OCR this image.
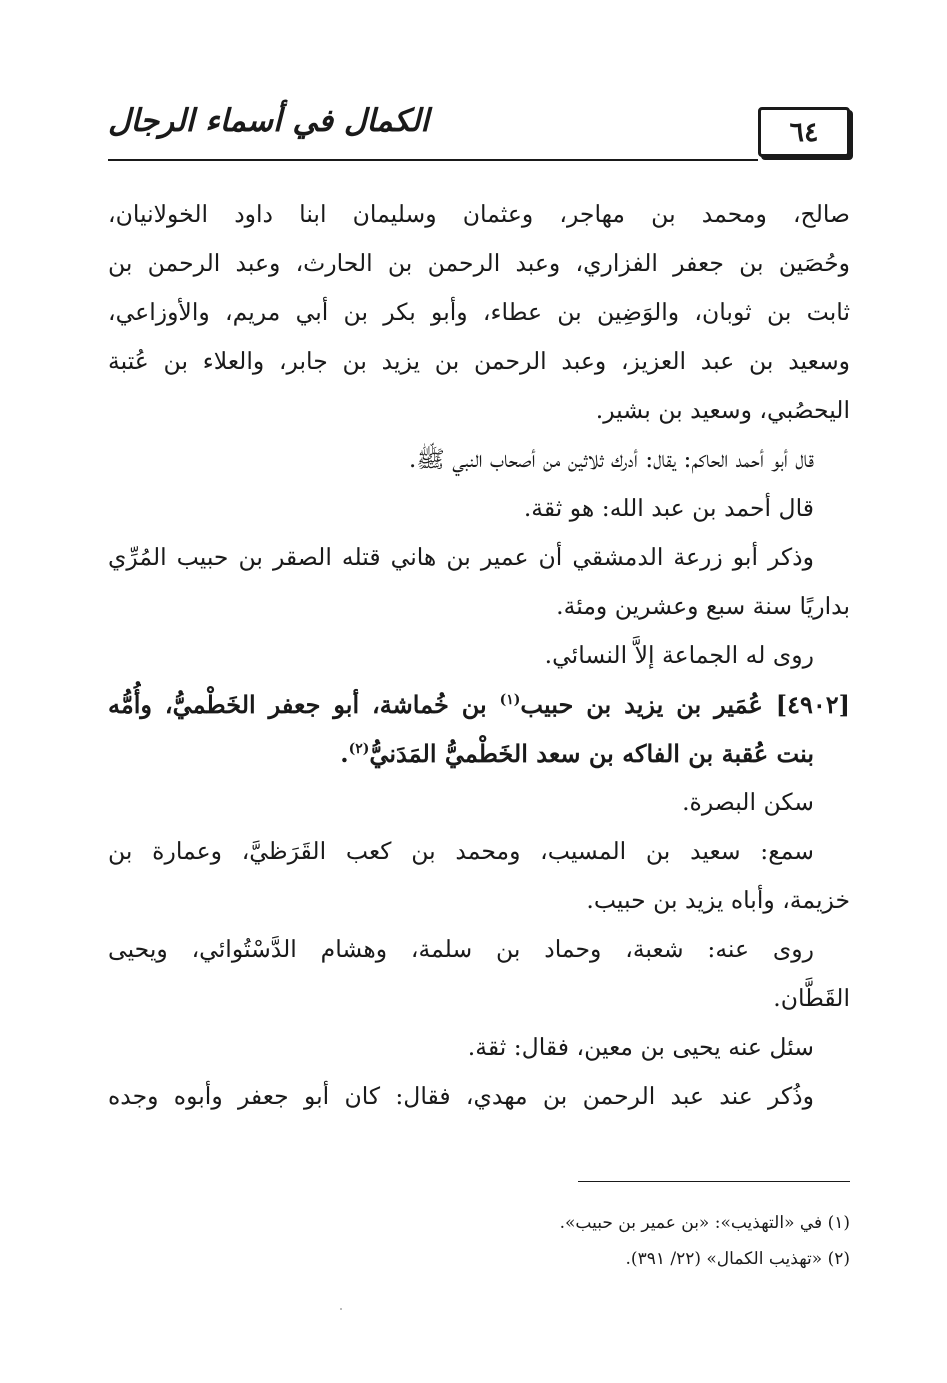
٦٤
الكمال في أسماء الرجال
صالح، ومحمد بن مهاجر، وعثمان وسليمان ابنا داود الخولانيان،
وحُصَين بن جعفر الفزاري، وعبد الرحمن بن الحارث، وعبد الرحمن بن
ثابت بن ثوبان، والوَضِين بن عطاء، وأبو بكر بن أبي مريم، والأوزاعي،
وسعيد بن عبد العزيز، وعبد الرحمن بن يزيد بن جابر، والعلاء بن عُتبة
اليحصُبي، وسعيد بن بشير.
قال أبو أحمد الحاكم: يقال: أدرك ثلاثين من أصحاب النبي ﷺ.
قال أحمد بن عبد الله: هو ثقة.
وذكر أبو زرعة الدمشقي أن عمير بن هاني قتله الصقر بن حبيب المُرِّي
بداريًا سنة سبع وعشرين ومئة.
روى له الجماعة إلاَّ النسائي.
[٤٩٠٢] عُمَير بن يزيد بن حبيب$^{(١)}$ بن خُماشة، أبو جعفر الخَطْميُّ، وأُمُّه
بنت عُقبة بن الفاكه بن سعد الخَطْميُّ المَدَنيُّ$^{(٢)}$.
سكن البصرة.
سمع: سعيد بن المسيب، ومحمد بن كعب القَرَظيَّ، وعمارة بن
خزيمة، وأباه يزيد بن حبيب.
روى عنه: شعبة، وحماد بن سلمة، وهشام الدَّسْتُوائي، ويحيى
القَطَّان.
سئل عنه يحيى بن معين، فقال: ثقة.
وذُكر عند عبد الرحمن بن مهدي، فقال: كان أبو جعفر وأبوه وجده
(١) في «التهذيب»: «بن عمير بن حبيب».
(٢) «تهذيب الكمال» (٢٢/ ٣٩١).
